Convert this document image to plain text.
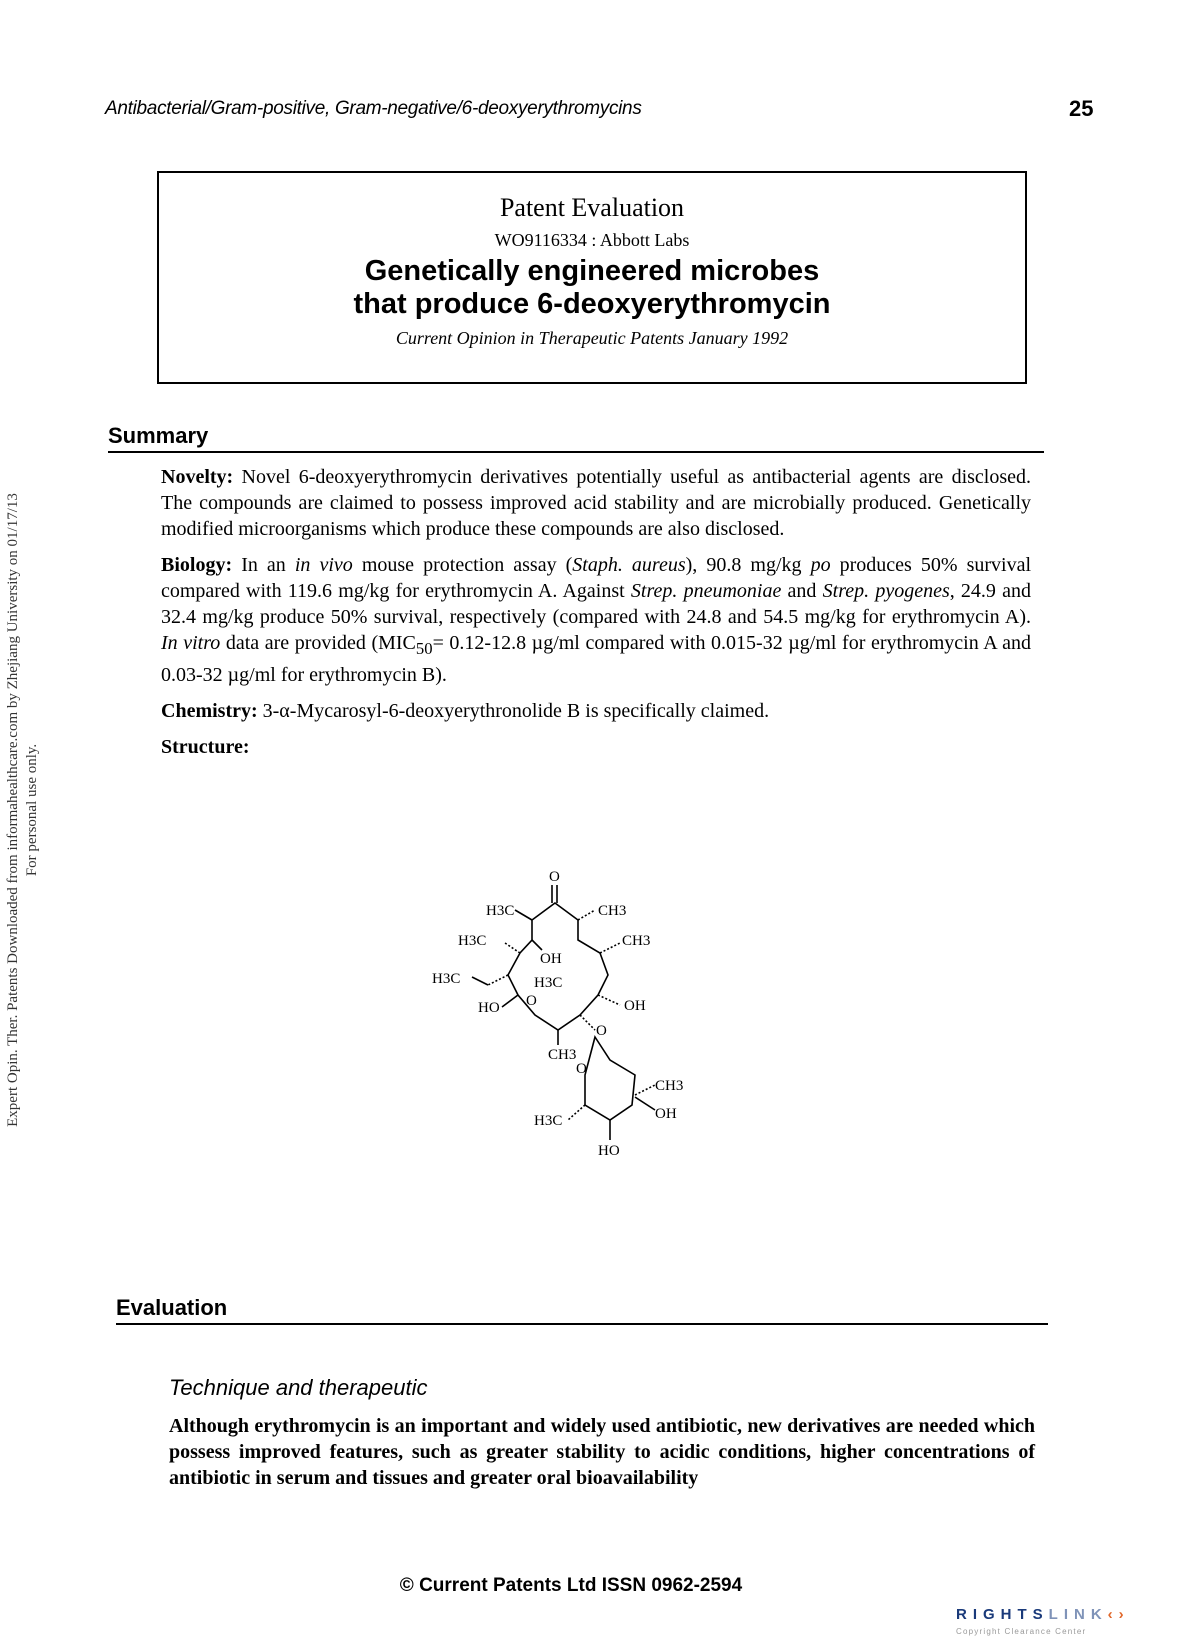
Expert Opin. Ther. Patents Downloaded from informahealthcare.com by Zhejiang University on 01/17/13 For personal use only.
Antibacterial/Gram-positive, Gram-negative/6-deoxyerythromycins	25
Patent Evaluation
WO9116334 : Abbott Labs
Genetically engineered microbes
that produce 6-deoxyerythromycin
Current Opinion in Therapeutic Patents January 1992
Summary

Novelty: Novel 6-deoxyerythromycin derivatives potentially useful as antibacterial agents are disclosed. The compounds are claimed to possess improved acid stability and are microbially produced. Genetically modified microorganisms which produce these compounds are also disclosed.

Biology: In an in vivo mouse protection assay (Staph. aureus), 90.8 mg/kg po produces 50% survival compared with 119.6 mg/kg for erythromycin A. Against Strep. pneumoniae and Strep. pyogenes, 24.9 and 32.4 mg/kg produce 50% survival, respectively (compared with 24.8 and 54.5 mg/kg for erythromycin A). In vitro data are provided ($MIC_{50}= 0.12-12.8$ µg/ml compared with 0.015-32 µg/ml for erythromycin A and 0.03-32 µg/ml for erythromycin B).

Chemistry: 3-α-Mycarosyl-6-deoxyerythronolide B is specifically claimed.

Structure:

O
H3C	CH3
H3C
OH
CH3
H3C	H3C
O	OH
HO
O
CH3
O
CH3
OH
H3C
HO
Evaluation
Technique and therapeutic
Although erythromycin is an important and widely used antibiotic, new derivatives are needed which possess improved features, such as greater stability to acidic conditions, higher concentrations of antibiotic in serum and tissues and greater oral bioavailability
© Current Patents Ltd ISSN 0962-2594
RIGHTSLINK‹›
Copyright Clearance Center
